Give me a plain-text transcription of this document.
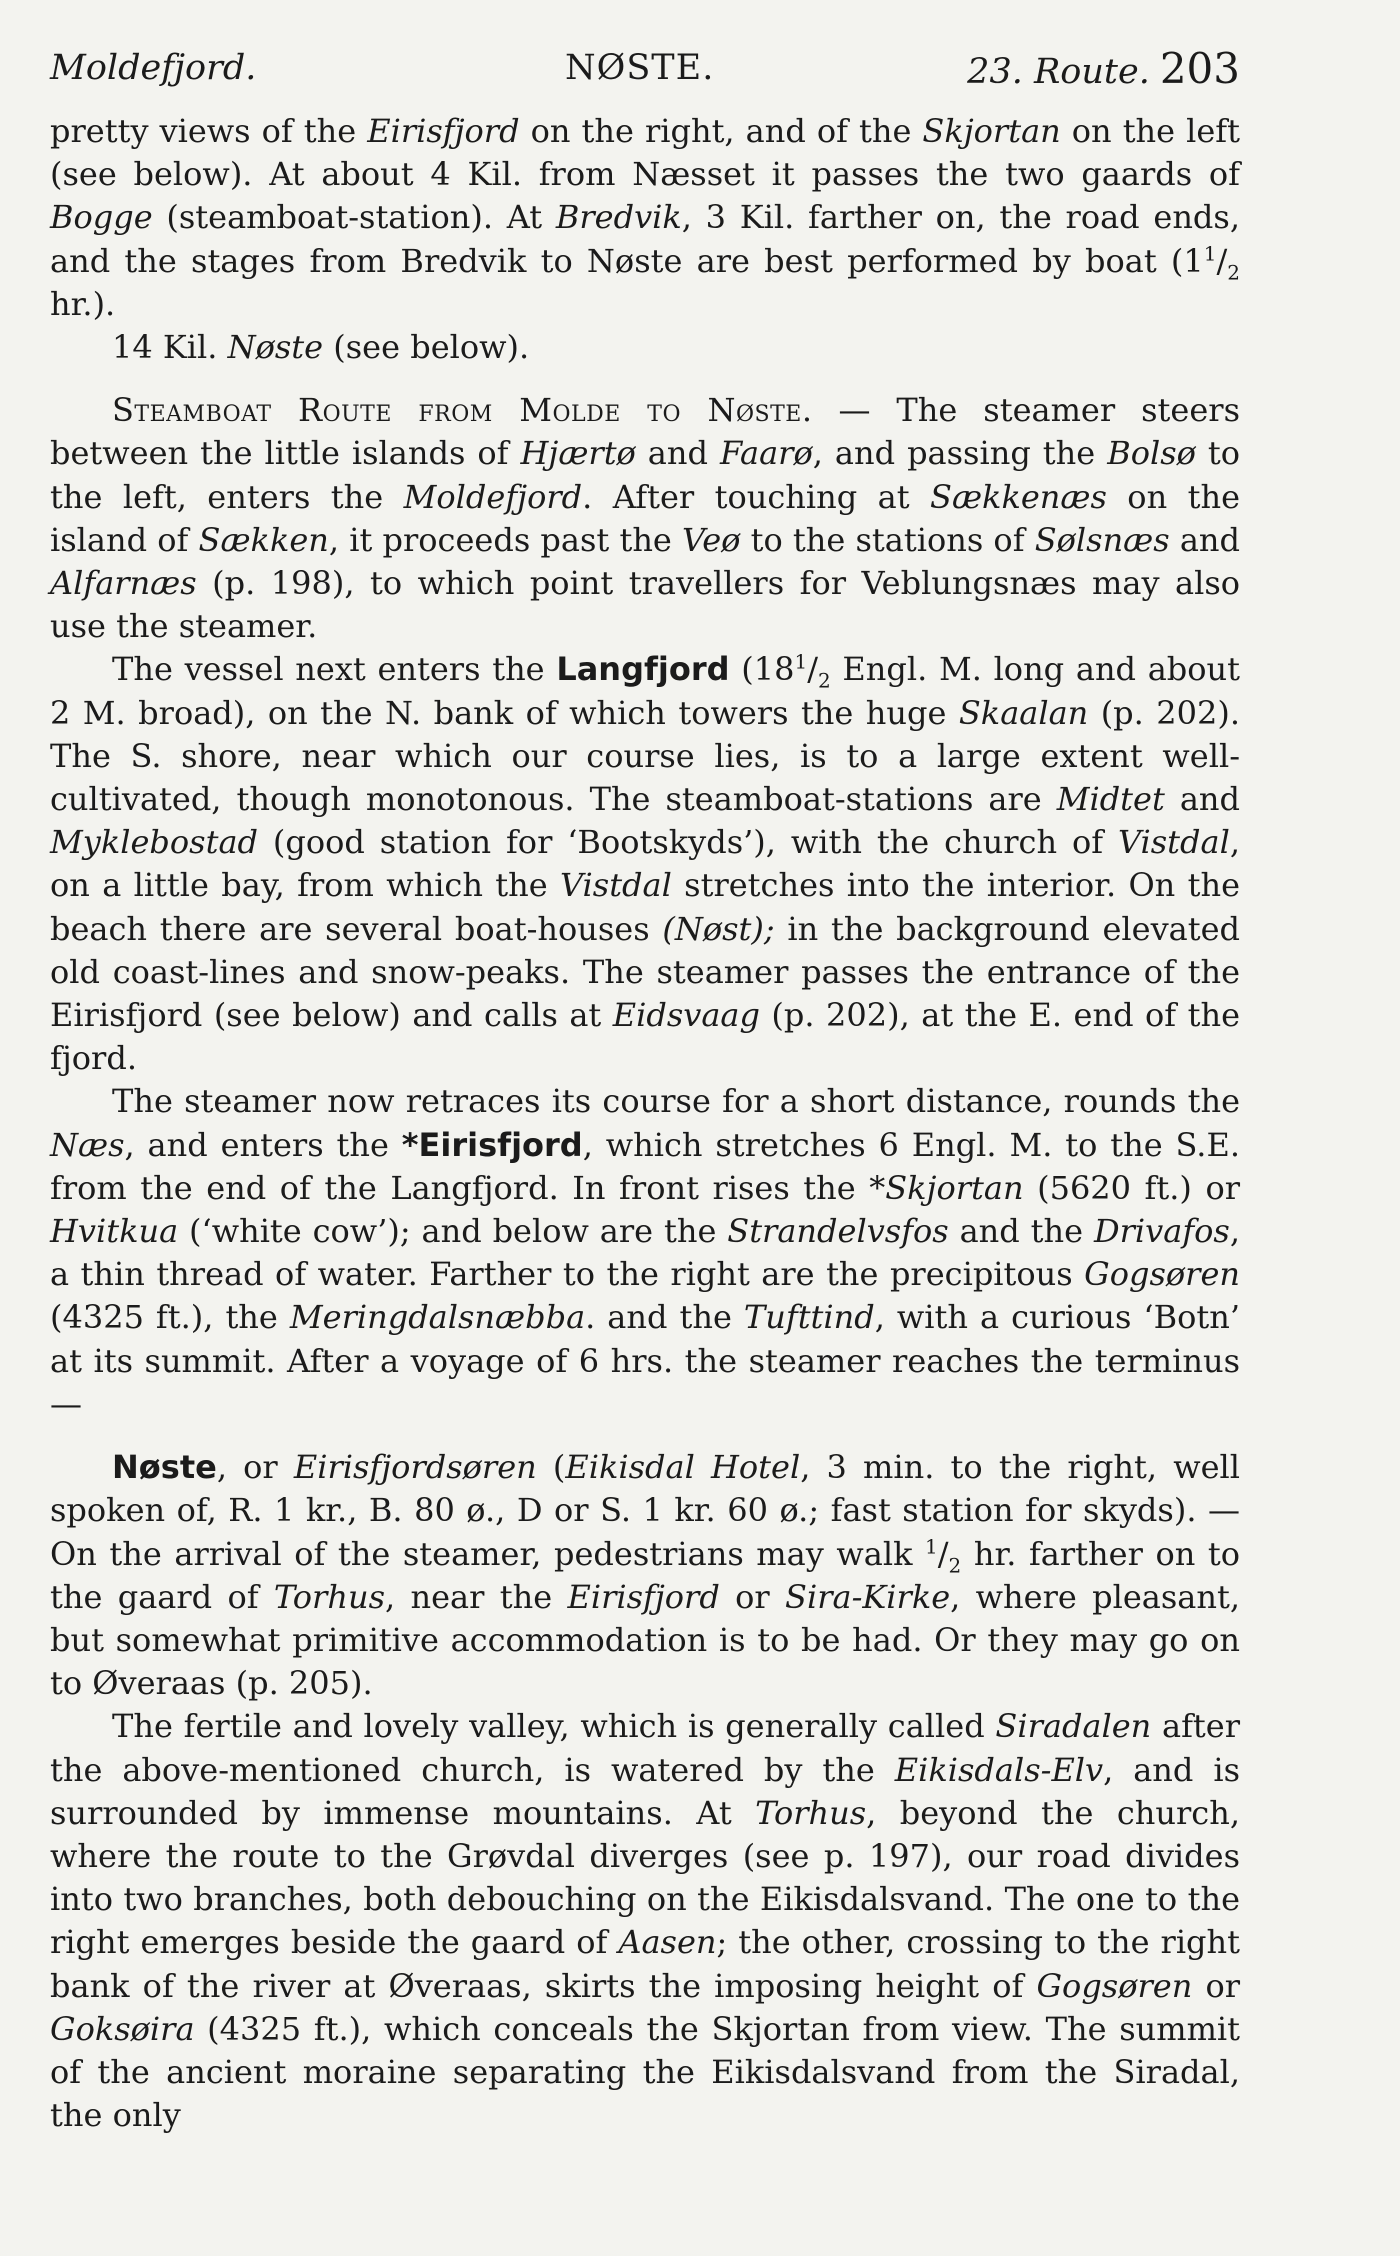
Moldefjord.	NØSTE.	23. Route. 203

pretty views of the Eirisfjord on the right, and of the Skjortan on the left (see below). At about 4 Kil. from Næsset it passes the two gaards of Bogge (steamboat-station). At Bredvik, 3 Kil. farther on, the road ends, and the stages from Bredvik to Nøste are best performed by boat ($1^1/_2$ hr.).

14 Kil. Nøste (see below).

Steamboat Route from Molde to Nøste. — The steamer steers between the little islands of Hjærtø and Faarø, and passing the Bolsø to the left, enters the Moldefjord. After touching at Sækkenæs on the island of Sækken, it proceeds past the Veø to the stations of Sølsnæs and Alfarnæs (p. 198), to which point travellers for Veblungsnæs may also use the steamer.

The vessel next enters the Langfjord ($18^1/_2$ Engl. M. long and about 2 M. broad), on the N. bank of which towers the huge Skaalan (p. 202). The S. shore, near which our course lies, is to a large extent well-cultivated, though monotonous. The steamboat-stations are Midtet and Myklebostad (good station for ‘Bootskyds’), with the church of Vistdal, on a little bay, from which the Vistdal stretches into the interior. On the beach there are several boat-houses (Nøst); in the background elevated old coast-lines and snow-peaks. The steamer passes the entrance of the Eirisfjord (see below) and calls at Eidsvaag (p. 202), at the E. end of the fjord.

The steamer now retraces its course for a short distance, rounds the Næs, and enters the *Eirisfjord, which stretches 6 Engl. M. to the S.E. from the end of the Langfjord. In front rises the *Skjortan (5620 ft.) or Hvitkua (‘white cow’); and below are the Strandelvsfos and the Drivafos, a thin thread of water. Farther to the right are the precipitous Gogsøren (4325 ft.), the Meringdalsnæbba. and the Tufttind, with a curious ‘Botn’ at its summit. After a voyage of 6 hrs. the steamer reaches the terminus —

Nøste, or Eirisfjordsøren (Eikisdal Hotel, 3 min. to the right, well spoken of, R. 1 kr., B. 80 ø., D or S. 1 kr. 60 ø.; fast station for skyds). — On the arrival of the steamer, pedestrians may walk $^1/_2$ hr. farther on to the gaard of Torhus, near the Eirisfjord or Sira-Kirke, where pleasant, but somewhat primitive accommodation is to be had. Or they may go on to Øveraas (p. 205).

The fertile and lovely valley, which is generally called Siradalen after the above-mentioned church, is watered by the Eikisdals-Elv, and is surrounded by immense mountains. At Torhus, beyond the church, where the route to the Grøvdal diverges (see p. 197), our road divides into two branches, both debouching on the Eikisdalsvand. The one to the right emerges beside the gaard of Aasen; the other, crossing to the right bank of the river at Øveraas, skirts the imposing height of Gogsøren or Goksøira (4325 ft.), which conceals the Skjortan from view. The summit of the ancient moraine separating the Eikisdalsvand from the Siradal, the only
